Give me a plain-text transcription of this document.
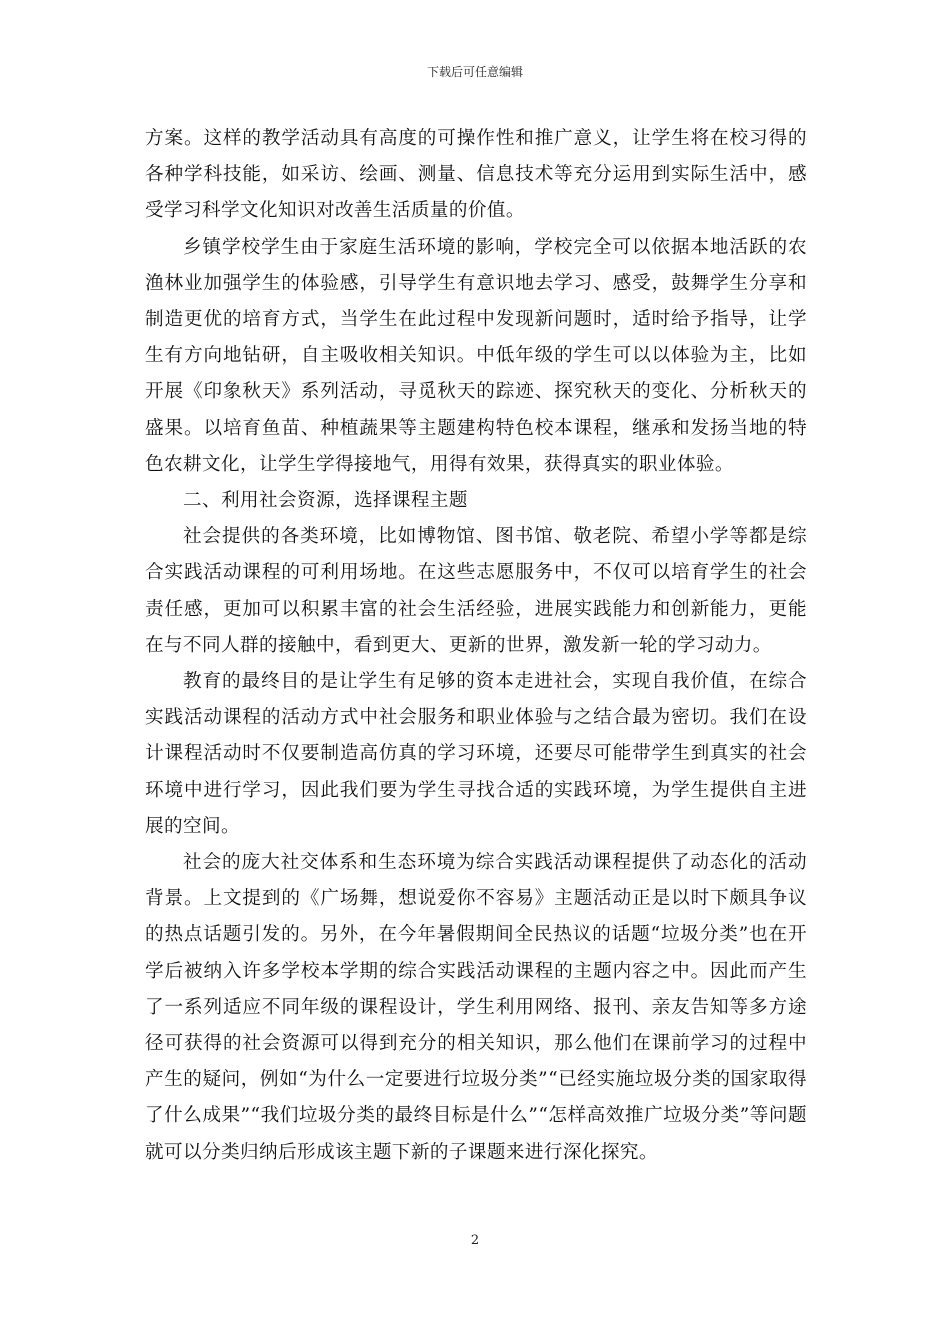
下载后可任意编辑

方案。这样的教学活动具有高度的可操作性和推广意义，让学生将在校习得的各种学科技能，如采访、绘画、测量、信息技术等充分运用到实际生活中，感受学习科学文化知识对改善生活质量的价值。

乡镇学校学生由于家庭生活环境的影响，学校完全可以依据本地活跃的农渔林业加强学生的体验感，引导学生有意识地去学习、感受，鼓舞学生分享和制造更优的培育方式，当学生在此过程中发现新问题时，适时给予指导，让学生有方向地钻研，自主吸收相关知识。中低年级的学生可以以体验为主，比如开展《印象秋天》系列活动，寻觅秋天的踪迹、探究秋天的变化、分析秋天的盛果。以培育鱼苗、种植蔬果等主题建构特色校本课程，继承和发扬当地的特色农耕文化，让学生学得接地气，用得有效果，获得真实的职业体验。

二、利用社会资源，选择课程主题

社会提供的各类环境，比如博物馆、图书馆、敬老院、希望小学等都是综合实践活动课程的可利用场地。在这些志愿服务中，不仅可以培育学生的社会责任感，更加可以积累丰富的社会生活经验，进展实践能力和创新能力，更能在与不同人群的接触中，看到更大、更新的世界，激发新一轮的学习动力。

教育的最终目的是让学生有足够的资本走进社会，实现自我价值，在综合实践活动课程的活动方式中社会服务和职业体验与之结合最为密切。我们在设计课程活动时不仅要制造高仿真的学习环境，还要尽可能带学生到真实的社会环境中进行学习，因此我们要为学生寻找合适的实践环境，为学生提供自主进展的空间。

社会的庞大社交体系和生态环境为综合实践活动课程提供了动态化的活动背景。上文提到的《广场舞，想说爱你不容易》主题活动正是以时下颇具争议的热点话题引发的。另外，在今年暑假期间全民热议的话题“垃圾分类”也在开学后被纳入许多学校本学期的综合实践活动课程的主题内容之中。因此而产生了一系列适应不同年级的课程设计，学生利用网络、报刊、亲友告知等多方途径可获得的社会资源可以得到充分的相关知识，那么他们在课前学习的过程中产生的疑问，例如“为什么一定要进行垃圾分类”“已经实施垃圾分类的国家取得了什么成果”“我们垃圾分类的最终目标是什么”“怎样高效推广垃圾分类”等问题就可以分类归纳后形成该主题下新的子课题来进行深化探究。

2
